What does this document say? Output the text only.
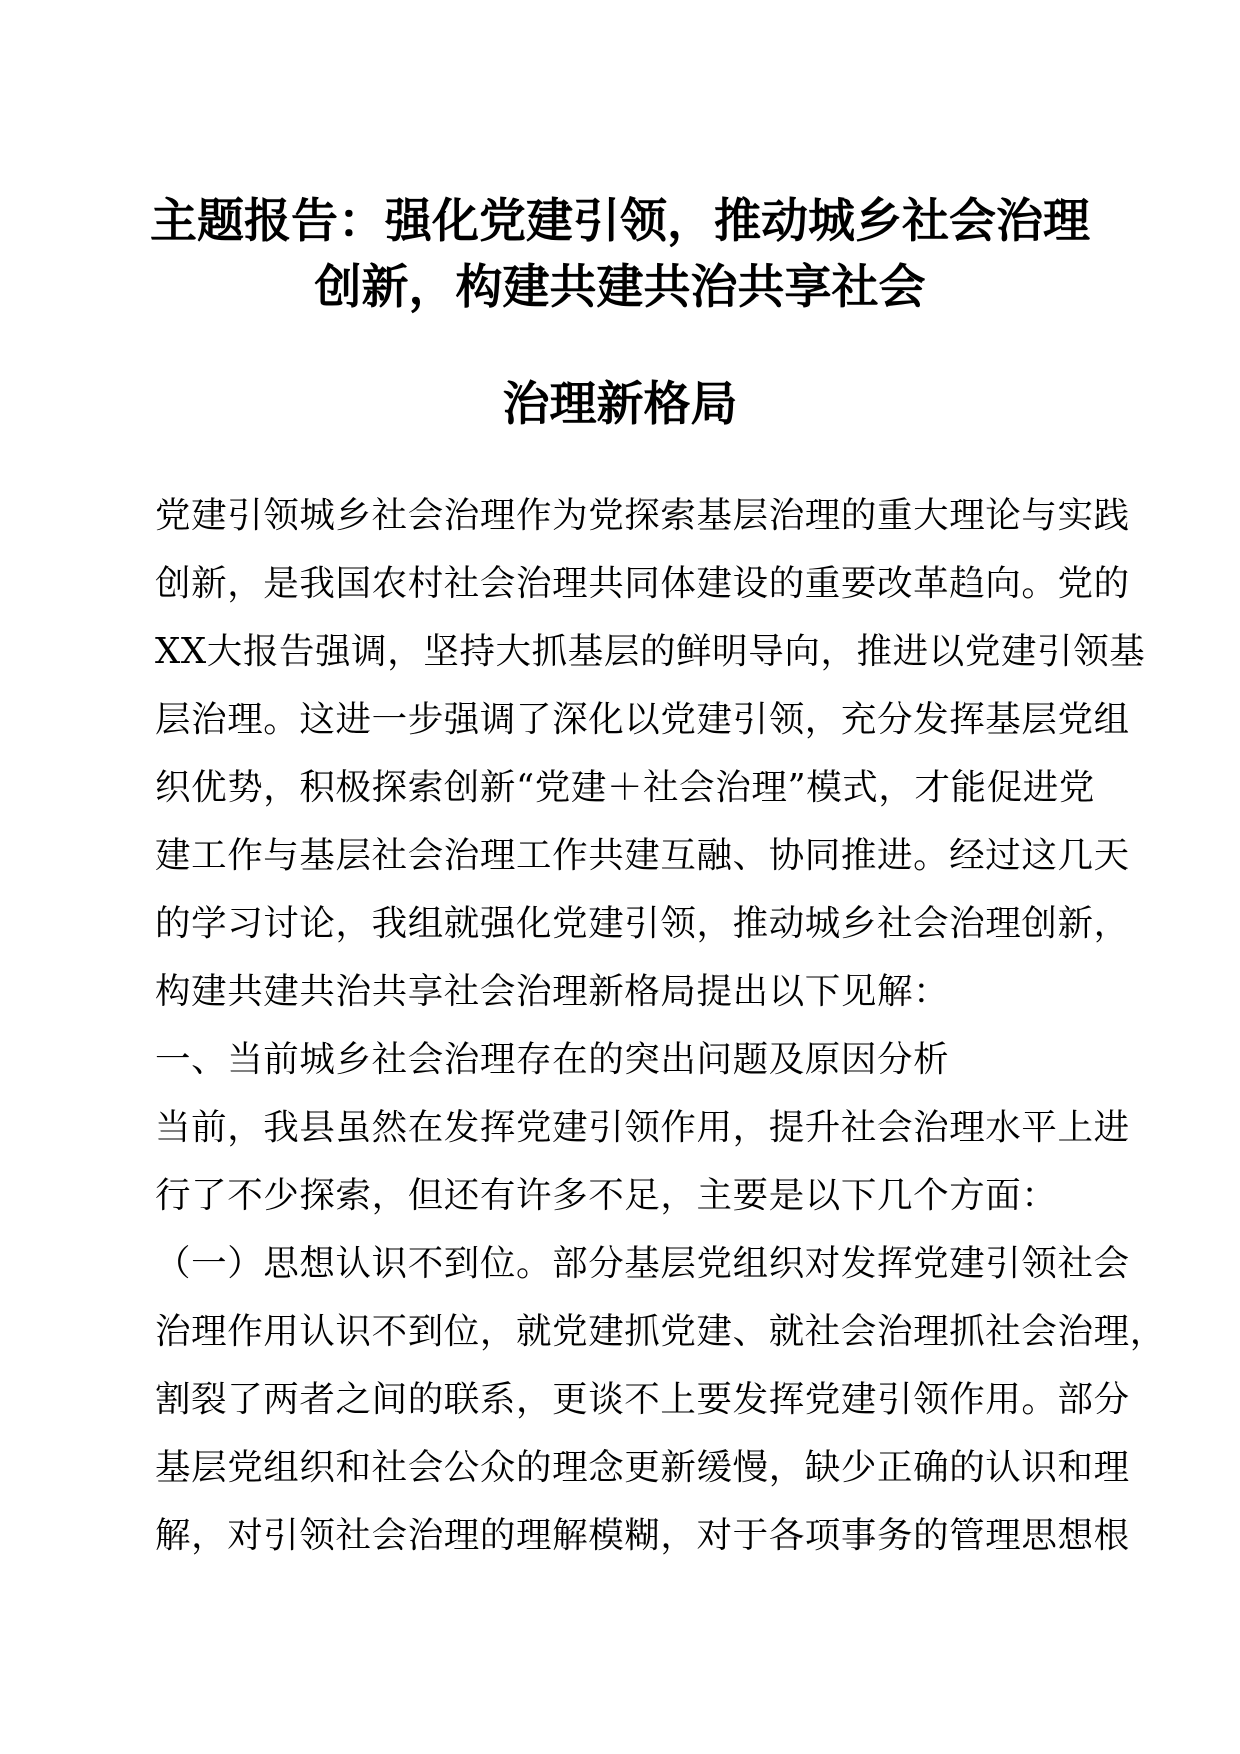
主题报告：强化党建引领，推动城乡社会治理
创新，构建共建共治共享社会
治理新格局
党建引领城乡社会治理作为党探索基层治理的重大理论与实践
创新，是我国农村社会治理共同体建设的重要改革趋向。党的
XX大报告强调，坚持大抓基层的鲜明导向，推进以党建引领基
层治理。这进一步强调了深化以党建引领，充分发挥基层党组
织优势，积极探索创新“党建＋社会治理”模式，才能促进党
建工作与基层社会治理工作共建互融、协同推进。经过这几天
的学习讨论，我组就强化党建引领，推动城乡社会治理创新，
构建共建共治共享社会治理新格局提出以下见解：
一、当前城乡社会治理存在的突出问题及原因分析
当前，我县虽然在发挥党建引领作用，提升社会治理水平上进
行了不少探索，但还有许多不足，主要是以下几个方面：
（一）思想认识不到位。部分基层党组织对发挥党建引领社会
治理作用认识不到位，就党建抓党建、就社会治理抓社会治理，
割裂了两者之间的联系，更谈不上要发挥党建引领作用。部分
基层党组织和社会公众的理念更新缓慢，缺少正确的认识和理
解，对引领社会治理的理解模糊，对于各项事务的管理思想根
